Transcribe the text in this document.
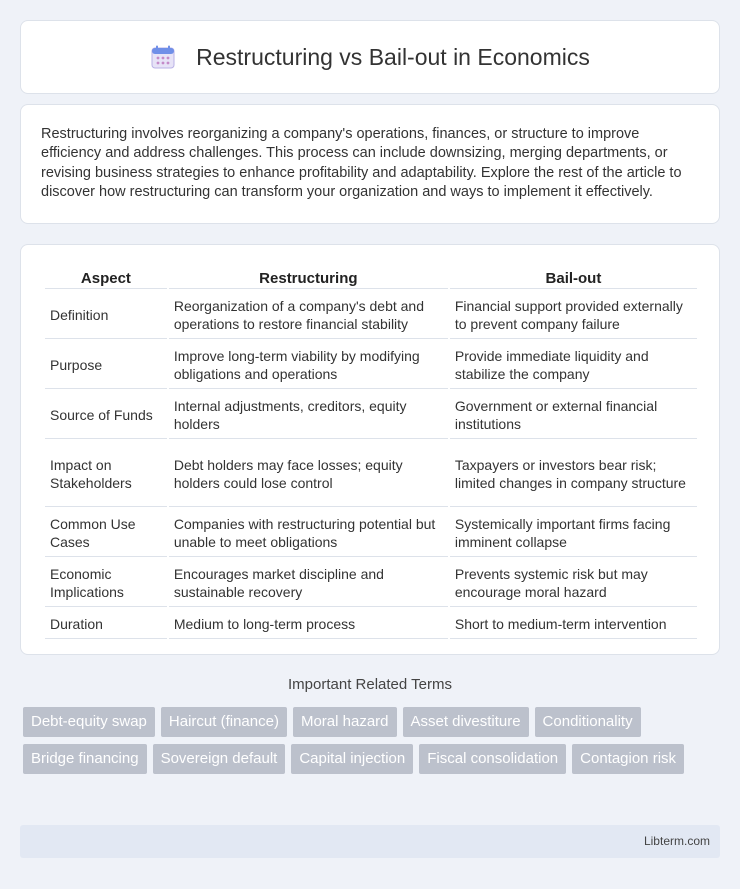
Restructuring vs Bail-out in Economics

Restructuring involves reorganizing a company's operations, finances, or structure to improve efficiency and address challenges. This process can include downsizing, merging departments, or revising business strategies to enhance profitability and adaptability. Explore the rest of the article to discover how restructuring can transform your organization and ways to implement it effectively.

Aspect	Restructuring	Bail-out
Definition	Reorganization of a company's debt and operations to restore financial stability	Financial support provided externally to prevent company failure
Purpose	Improve long-term viability by modifying obligations and operations	Provide immediate liquidity and stabilize the company
Source of Funds	Internal adjustments, creditors, equity holders	Government or external financial institutions
Impact on Stakeholders	Debt holders may face losses; equity holders could lose control	Taxpayers or investors bear risk; limited changes in company structure
Common Use Cases	Companies with restructuring potential but unable to meet obligations	Systemically important firms facing imminent collapse
Economic Implications	Encourages market discipline and sustainable recovery	Prevents systemic risk but may encourage moral hazard
Duration	Medium to long-term process	Short to medium-term intervention
Important Related Terms
Debt-equity swap	Haircut (finance)	Moral hazard	Asset divestiture	Conditionality
Bridge financing	Sovereign default	Capital injection	Fiscal consolidation	Contagion risk
Libterm.com
